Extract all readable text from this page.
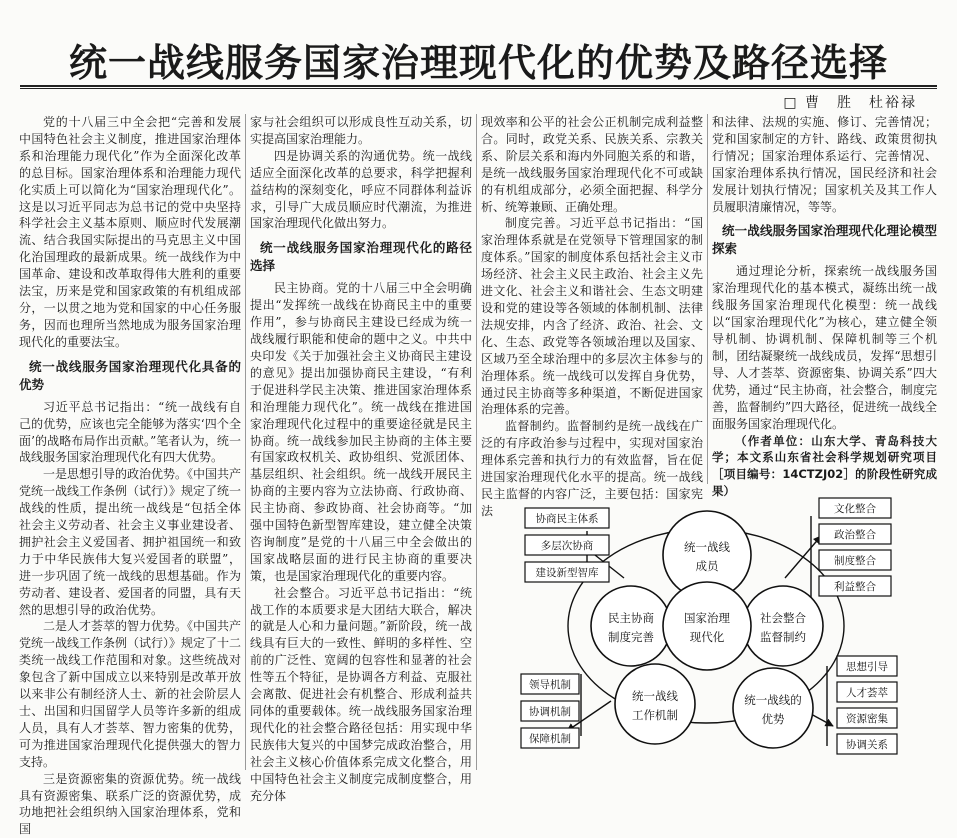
统一战线服务国家治理现代化的优势及路径选择
□ 曹　胜　杜裕禄

党的十八届三中全会把“完善和发展中国特色社会主义制度，推进国家治理体系和治理能力现代化”作为全面深化改革的总目标。国家治理体系和治理能力现代化实质上可以简化为“国家治理现代化”。这是以习近平同志为总书记的党中央坚持科学社会主义基本原则、顺应时代发展潮流、结合我国实际提出的马克思主义中国化治国理政的最新成果。统一战线作为中国革命、建设和改革取得伟大胜利的重要法宝，历来是党和国家政策的有机组成部分，一以贯之地为党和国家的中心任务服务，因而也理所当然地成为服务国家治理现代化的重要法宝。

统一战线服务国家治理现代化具备的优势

习近平总书记指出：“统一战线有自己的优势，应该也完全能够为落实‘四个全面’的战略布局作出贡献。”笔者认为，统一战线服务国家治理现代化有四大优势。

一是思想引导的政治优势。《中国共产党统一战线工作条例（试行）》规定了统一战线的性质，提出统一战线是“包括全体社会主义劳动者、社会主义事业建设者、拥护社会主义爱国者、拥护祖国统一和致力于中华民族伟大复兴爱国者的联盟”，进一步巩固了统一战线的思想基础。作为劳动者、建设者、爱国者的同盟，具有天然的思想引导的政治优势。

二是人才荟萃的智力优势。《中国共产党统一战线工作条例（试行）》规定了十二类统一战线工作范围和对象。这些统战对象包含了新中国成立以来特别是改革开放以来非公有制经济人士、新的社会阶层人士、出国和归国留学人员等许多新的组成人员，具有人才荟萃、智力密集的优势，可为推进国家治理现代化提供强大的智力支持。

三是资源密集的资源优势。统一战线具有资源密集、联系广泛的资源优势，成功地把社会组织纳入国家治理体系，党和国

家与社会组织可以形成良性互动关系，切实提高国家治理能力。

四是协调关系的沟通优势。统一战线适应全面深化改革的总要求，科学把握利益结构的深刻变化，呼应不同群体利益诉求，引导广大成员顺应时代潮流，为推进国家治理现代化做出努力。

统一战线服务国家治理现代化的路径选择

民主协商。党的十八届三中全会明确提出“发挥统一战线在协商民主中的重要作用”，参与协商民主建设已经成为统一战线履行职能和使命的题中之义。中共中央印发《关于加强社会主义协商民主建设的意见》提出加强协商民主建设，“有利于促进科学民主决策、推进国家治理体系和治理能力现代化”。统一战线在推进国家治理现代化过程中的重要途径就是民主协商。统一战线参加民主协商的主体主要有国家政权机关、政协组织、党派团体、基层组织、社会组织。统一战线开展民主协商的主要内容为立法协商、行政协商、民主协商、参政协商、社会协商等。“加强中国特色新型智库建设，建立健全决策咨询制度”是党的十八届三中全会做出的国家战略层面的进行民主协商的重要决策，也是国家治理现代化的重要内容。

社会整合。习近平总书记指出：“统战工作的本质要求是大团结大联合，解决的就是人心和力量问题。”新阶段，统一战线具有巨大的一致性、鲜明的多样性、空前的广泛性、宽阔的包容性和显著的社会性等五个特征，是协调各方利益、克服社会离散、促进社会有机整合、形成利益共同体的重要载体。统一战线服务国家治理现代化的社会整合路径包括：用实现中华民族伟大复兴的中国梦完成政治整合，用社会主义核心价值体系完成文化整合，用中国特色社会主义制度完成制度整合，用充分体

现效率和公平的社会公正机制完成利益整合。同时，政党关系、民族关系、宗教关系、阶层关系和海内外同胞关系的和谐，是统一战线服务国家治理现代化不可或缺的有机组成部分，必须全面把握、科学分析、统筹兼顾、正确处理。

制度完善。习近平总书记指出：“国家治理体系就是在党领导下管理国家的制度体系。”国家的制度体系包括社会主义市场经济、社会主义民主政治、社会主义先进文化、社会主义和谐社会、生态文明建设和党的建设等各领域的体制机制、法律法规安排，内含了经济、政治、社会、文化、生态、政党等各领域治理以及国家、区域乃至全球治理中的多层次主体参与的治理体系。统一战线可以发挥自身优势，通过民主协商等多种渠道，不断促进国家治理体系的完善。

监督制约。监督制约是统一战线在广泛的有序政治参与过程中，实现对国家治理体系完善和执行力的有效监督，旨在促进国家治理现代化水平的提高。统一战线民主监督的内容广泛，主要包括：国家宪法

和法律、法规的实施、修订、完善情况；党和国家制定的方针、路线、政策贯彻执行情况；国家治理体系运行、完善情况、国家治理体系执行情况，国民经济和社会发展计划执行情况；国家机关及其工作人员履职清廉情况，等等。

统一战线服务国家治理现代化理论模型探索

通过理论分析，探索统一战线服务国家治理现代化的基本模式，凝练出统一战线服务国家治理现代化模型：统一战线以“国家治理现代化”为核心，建立健全领导机制、协调机制、保障机制等三个机制，团结凝聚统一战线成员，发挥“思想引导、人才荟萃、资源密集、协调关系”四大优势，通过“民主协商，社会整合，制度完善，监督制约”四大路径，促进统一战线全面服务国家治理现代化。

（作者单位：山东大学、青岛科技大学；本文系山东省社会科学规划研究项目［项目编号：14CTZJ02］的阶段性研究成果）

统一战线
成员
民主协商
制度完善
社会整合
监督制约
国家治理
现代化
统一战线
工作机制
统一战线的
优势
协商民主体系
多层次协商
建设新型智库
文化整合
政治整合
制度整合
利益整合
领导机制
协调机制
保障机制
思想引导
人才荟萃
资源密集
协调关系
